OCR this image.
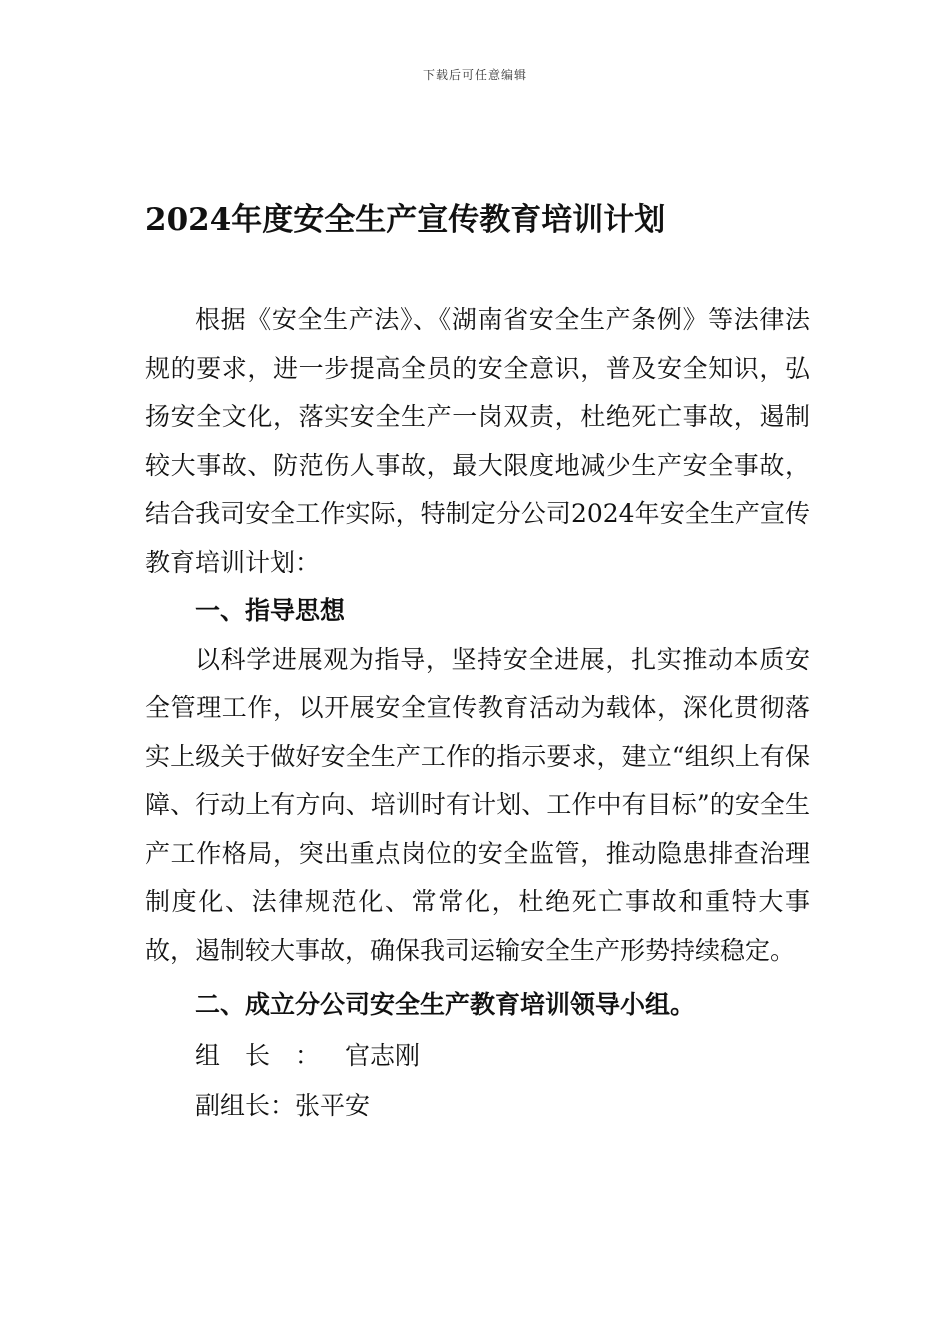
下载后可任意编辑
2024年度安全生产宣传教育培训计划

根据《安全生产法》、《湖南省安全生产条例》等法律法规的要求，进一步提高全员的安全意识，普及安全知识，弘扬安全文化，落实安全生产一岗双责，杜绝死亡事故，遏制较大事故、防范伤人事故，最大限度地减少生产安全事故，结合我司安全工作实际，特制定分公司2024年安全生产宣传教育培训计划：

一、指导思想

以科学进展观为指导，坚持安全进展，扎实推动本质安全管理工作，以开展安全宣传教育活动为载体，深化贯彻落实上级关于做好安全生产工作的指示要求，建立“组织上有保障、行动上有方向、培训时有计划、工作中有目标”的安全生产工作格局，突出重点岗位的安全监管，推动隐患排查治理制度化、法律规范化、常常化，杜绝死亡事故和重特大事故，遏制较大事故，确保我司运输安全生产形势持续稳定。

二、成立分公司安全生产教育培训领导小组。

组长：官志刚

副组长：张平安
